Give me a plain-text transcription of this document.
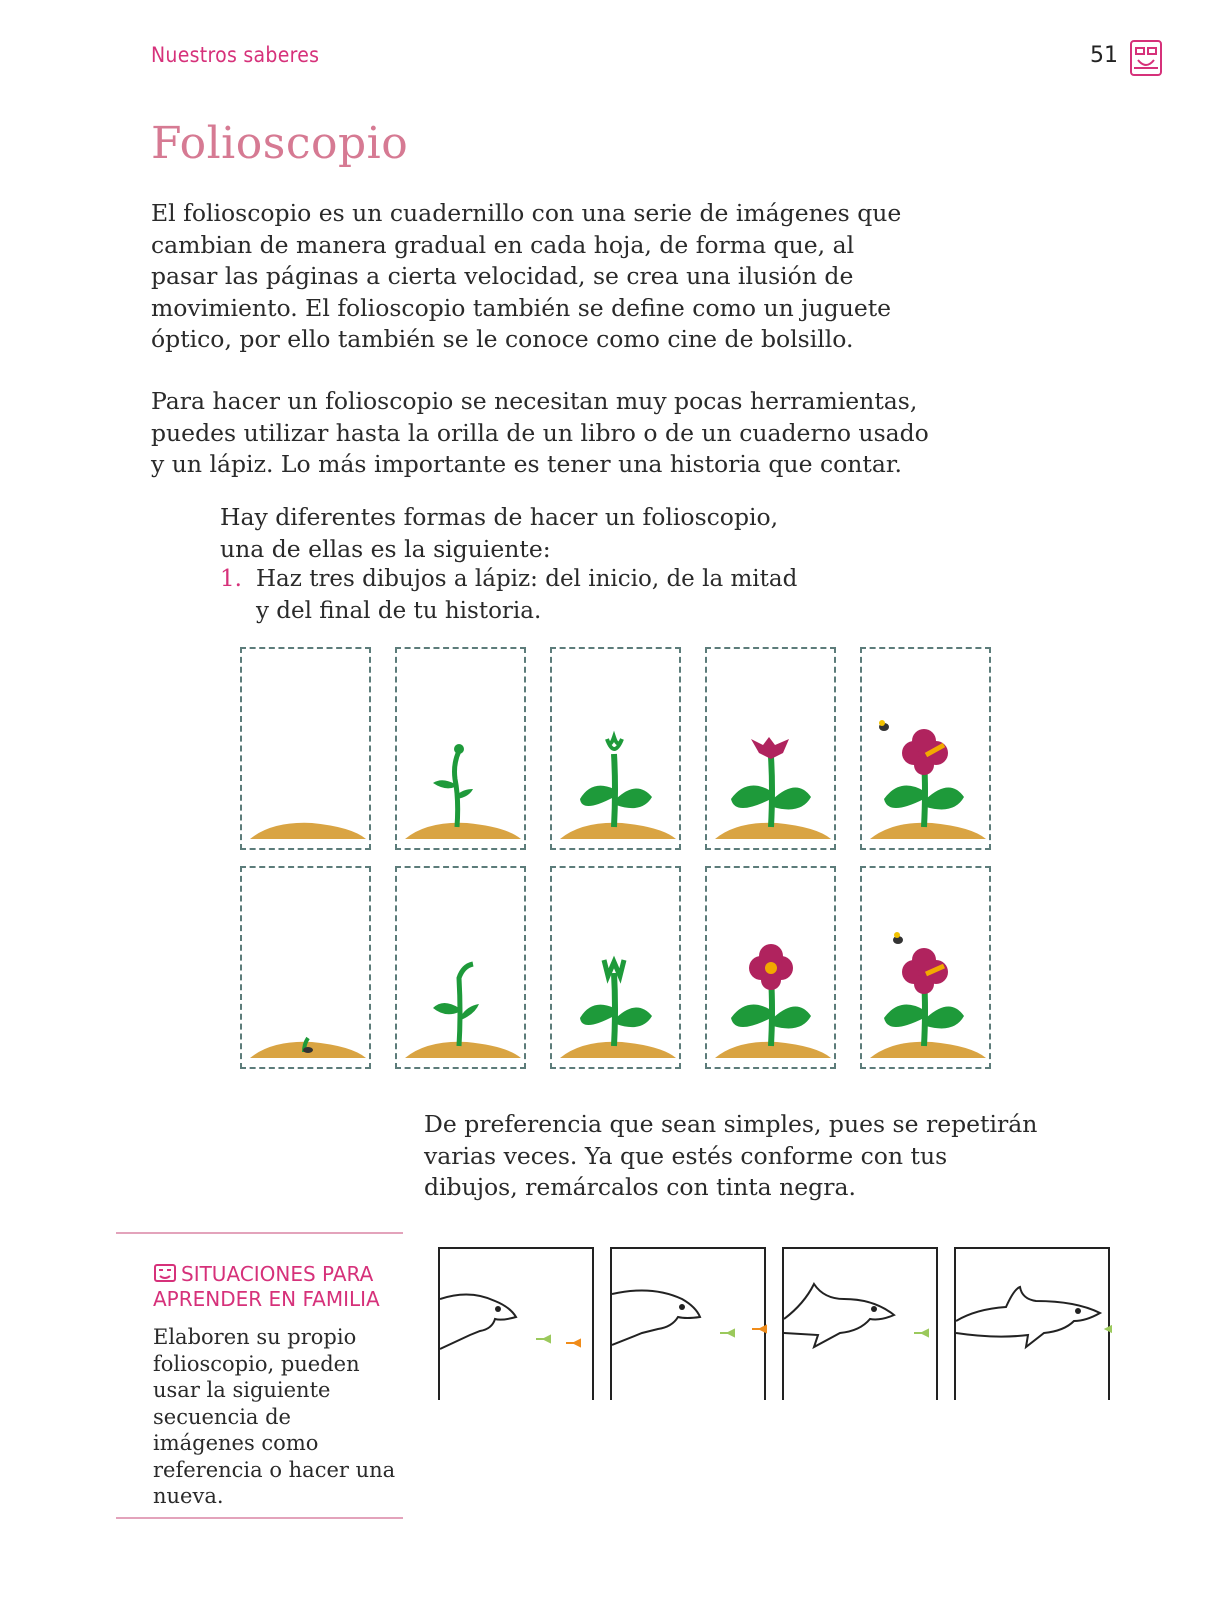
Nuestros saberes	51
Folioscopio

El folioscopio es un cuadernillo con una serie de imágenes que cambian de manera gradual en cada hoja, de forma que, al pasar las páginas a cierta velocidad, se crea una ilusión de movimiento. El folioscopio también se define como un juguete óptico, por ello también se le conoce como cine de bolsillo.

Para hacer un folioscopio se necesitan muy pocas herramientas, puedes utilizar hasta la orilla de un libro o de un cuaderno usado y un lápiz. Lo más importante es tener una historia que contar.

Hay diferentes formas de hacer un folioscopio, una de ellas es la siguiente:

1. Haz tres dibujos a lápiz: del inicio, de la mitad y del final de tu historia.

De preferencia que sean simples, pues se repetirán varias veces. Ya que estés conforme con tus dibujos, remárcalos con tinta negra.

SITUACIONES PARA APRENDER EN FAMILIA

Elaboren su propio folioscopio, pueden usar la siguiente secuencia de imágenes como referencia o hacer una nueva.
